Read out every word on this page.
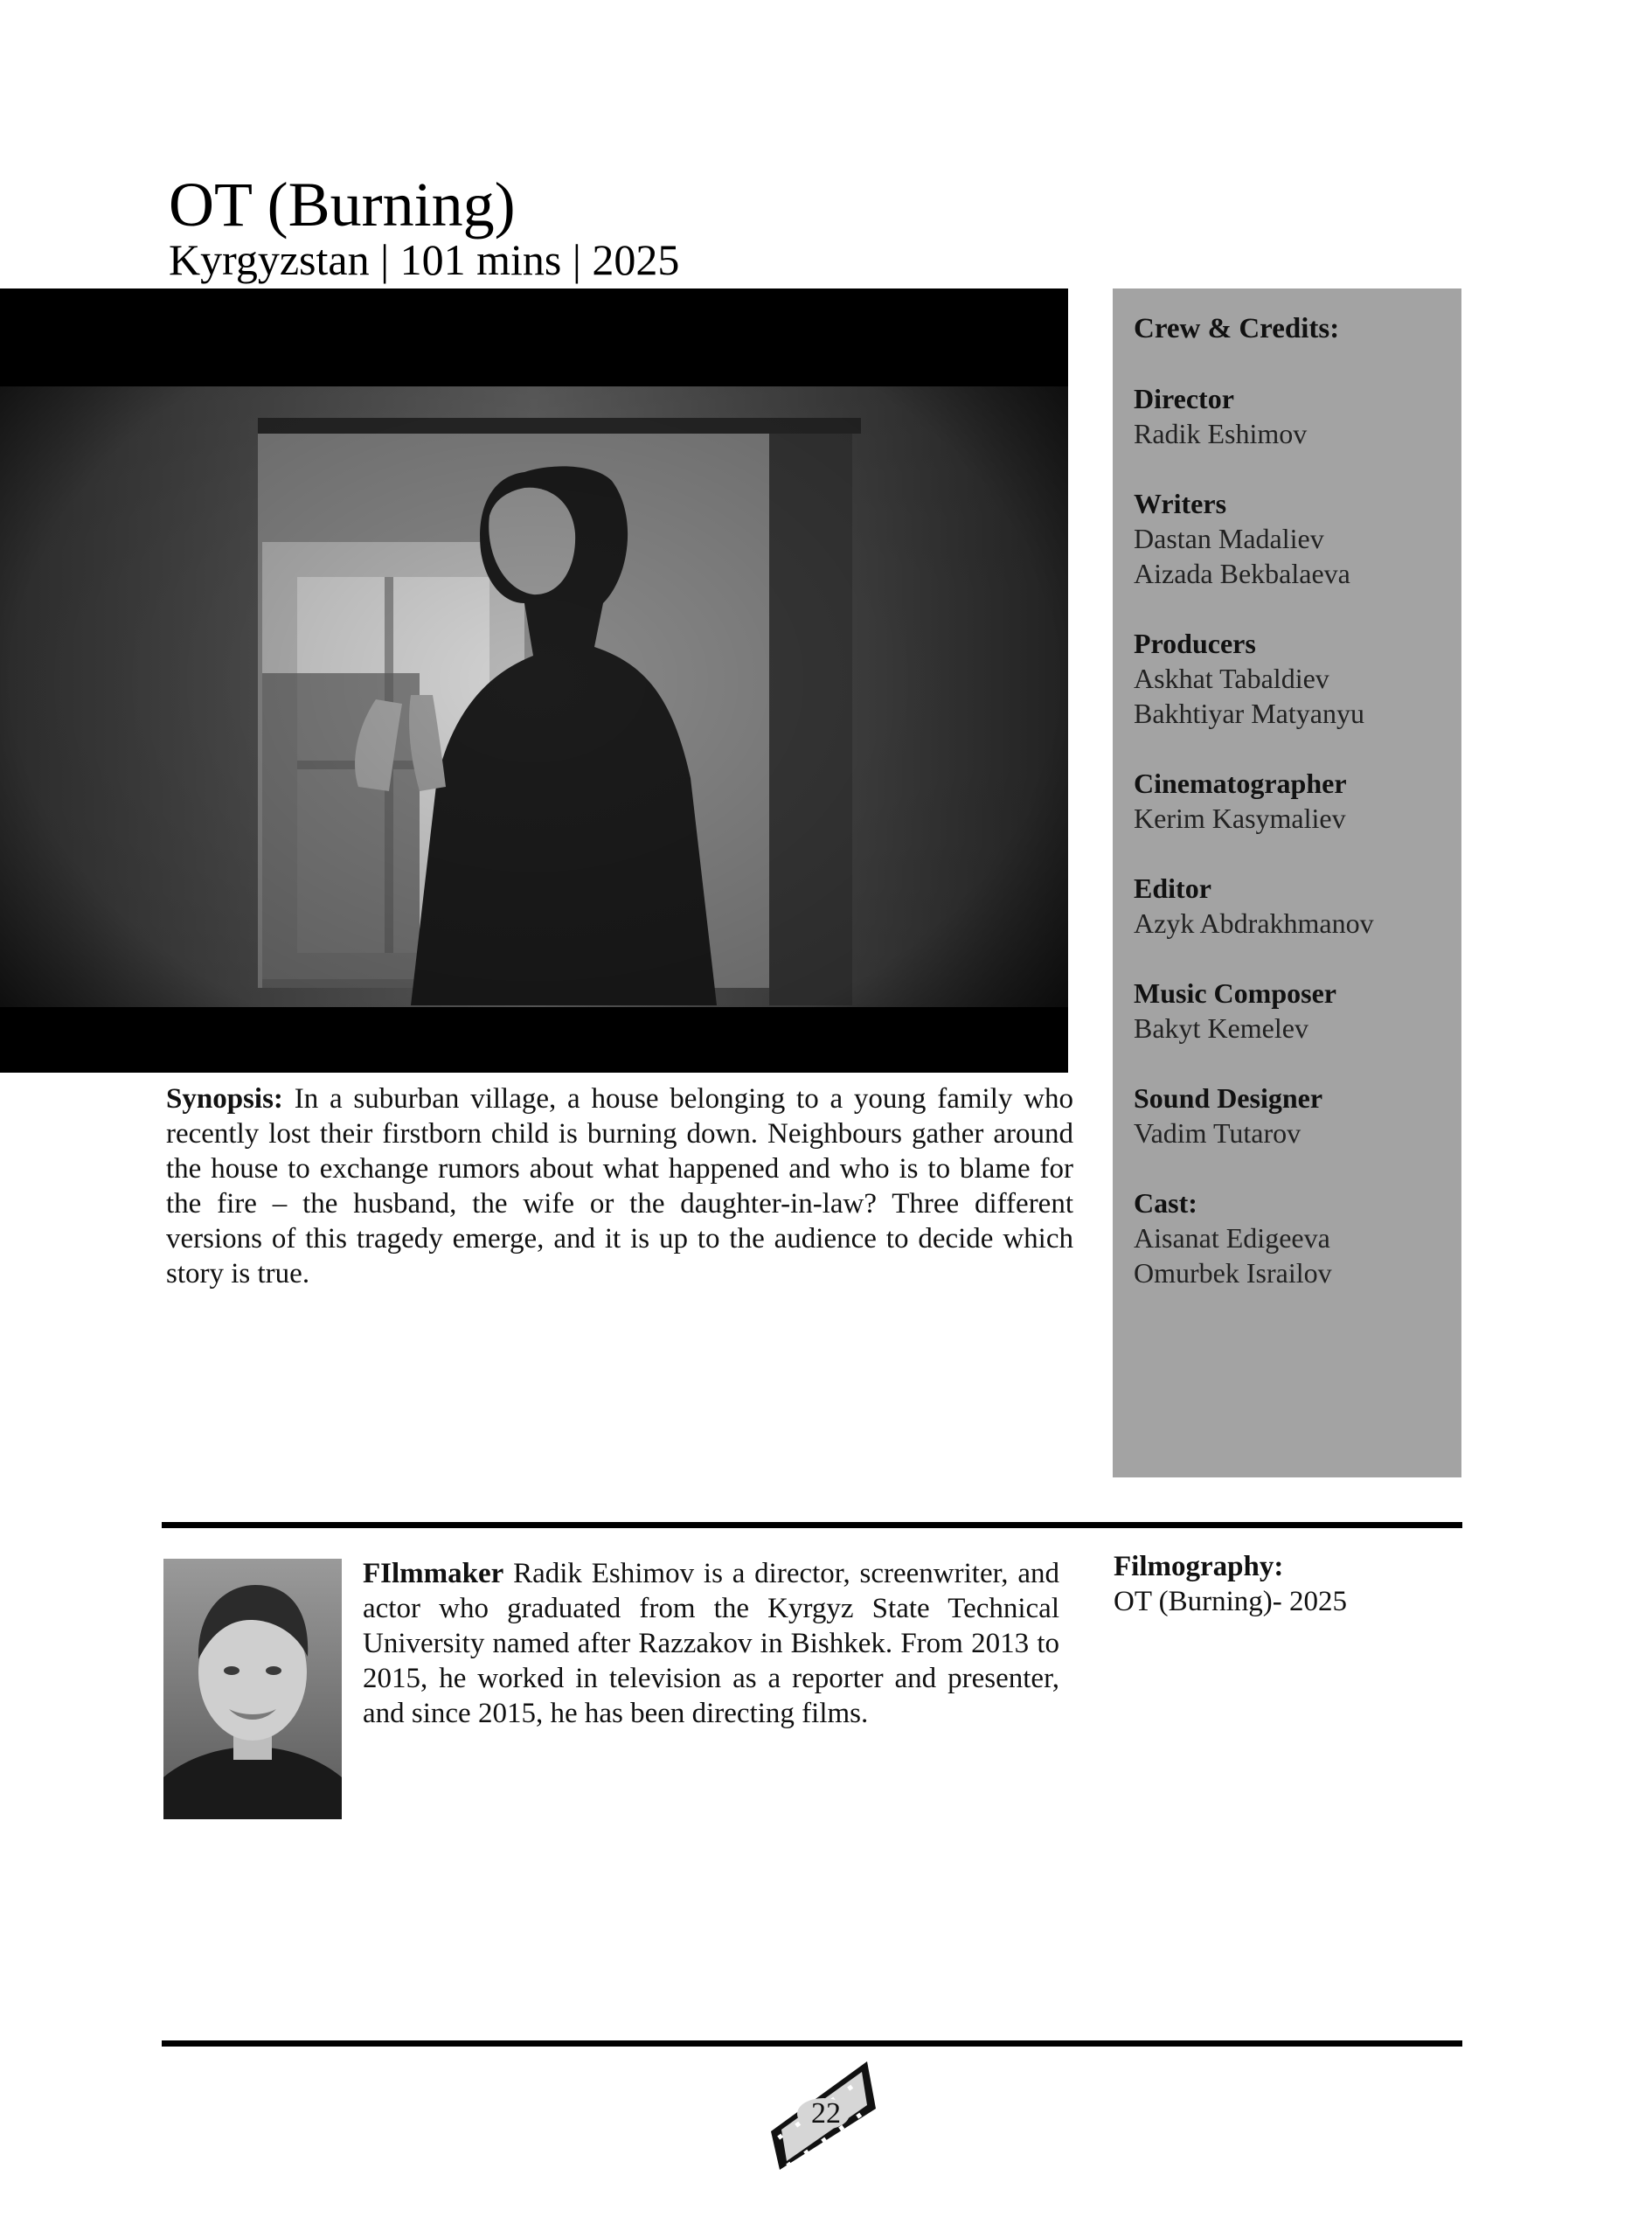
OT (Burning)
Kyrgyzstan | 101 mins | 2025
Crew & Credits:
Director
Radik Eshimov
Writers
Dastan Madaliev
Aizada Bekbalaeva
Producers
Askhat Tabaldiev
Bakhtiyar Matyanyu
Cinematographer
Kerim Kasymaliev
Editor
Azyk Abdrakhmanov
Music Composer
Bakyt Kemelev
Sound Designer
Vadim Tutarov
Cast:
Aisanat Edigeeva
Omurbek Israilov
Synopsis: In a suburban village, a house belonging to a young family who recently lost their firstborn child is burning down. Neighbours gather around the house to exchange rumors about what happened and who is to blame for the fire – the husband, the wife or the daughter-in-law? Three different versions of this tragedy emerge, and it is up to the audience to decide which story is true.
FIlmmaker Radik Eshimov is a director, screenwriter, and actor who graduated from the Kyrgyz State Technical University named after Razzakov in Bishkek. From 2013 to 2015, he worked in television as a reporter and presenter, and since 2015, he has been directing films.
Filmography:
OT (Burning)- 2025
22
